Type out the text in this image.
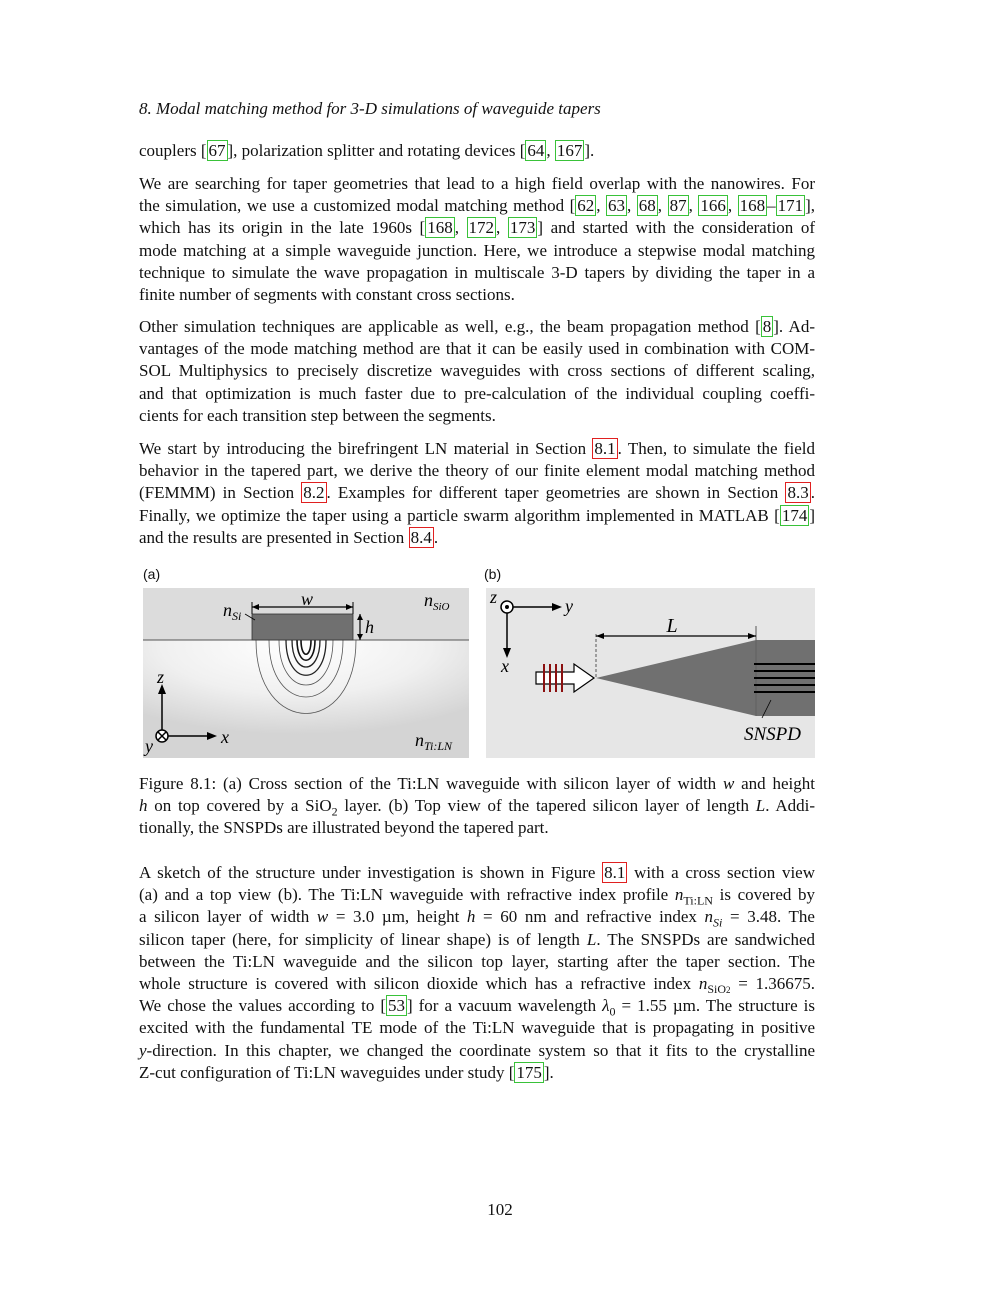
8. Modal matching method for 3-D simulations of waveguide tapers

couplers [ 67 ], polarization splitter and rotating devices [ 64 , 167 ].

We are searching for taper geometries that lead to a high field overlap with the nanowires. For
the simulation, we use a customized modal matching method [ 62 , 63 , 68 , 87 , 166 , 168 – 171 ],
which has its origin in the late 1960s [ 168 , 172 , 173 ] and started with the consideration of
mode matching at a simple waveguide junction. Here, we introduce a stepwise modal matching
technique to simulate the wave propagation in multiscale 3-D tapers by dividing the taper in a
finite number of segments with constant cross sections.

Other simulation techniques are applicable as well, e.g., the beam propagation method [ 8 ]. Ad-
vantages of the mode matching method are that it can be easily used in combination with COM-
SOL Multiphysics to precisely discretize waveguides with cross sections of different scaling,
and that optimization is much faster due to pre-calculation of the individual coupling coeffi-
cients for each transition step between the segments.

We start by introducing the birefringent LN material in Section 8.1 . Then, to simulate the field
behavior in the tapered part, we derive the theory of our finite element modal matching method
(FEMMM) in Section 8.2 . Examples for different taper geometries are shown in Section 8.3 .
Finally, we optimize the taper using a particle swarm algorithm implemented in MATLAB [ 174 ]
and the results are presented in Section 8.4 .

(a)	(b)
w
h
$n_{Si}$
$n_{SiO}$
$n_{Ti:LN}$
z
x
y
L
z	y
x
SNSPD
Figure 8.1: (a) Cross section of the Ti:LN waveguide with silicon layer of width w and height
h on top covered by a SiO$_2$ layer. (b) Top view of the tapered silicon layer of length L. Addi-
tionally, the SNSPDs are illustrated beyond the tapered part.

A sketch of the structure under investigation is shown in Figure 8.1 with a cross section view
(a) and a top view (b). The Ti:LN waveguide with refractive index profile $n_{Ti:LN}$ is covered by
a silicon layer of width w = 3.0 µm, height h = 60 nm and refractive index $n_{Si} = 3.48$. The
silicon taper (here, for simplicity of linear shape) is of length L. The SNSPDs are sandwiched
between the Ti:LN waveguide and the silicon top layer, starting after the taper section. The
whole structure is covered with silicon dioxide which has a refractive index $n_{SiO2} = 1.36675$.
We chose the values according to [ 53 ] for a vacuum wavelength $\lambda_0 = 1.55$ µm. The structure is
excited with the fundamental TE mode of the Ti:LN waveguide that is propagating in positive
y-direction. In this chapter, we changed the coordinate system so that it fits to the crystalline
Z-cut configuration of Ti:LN waveguides under study [ 175 ].

102
